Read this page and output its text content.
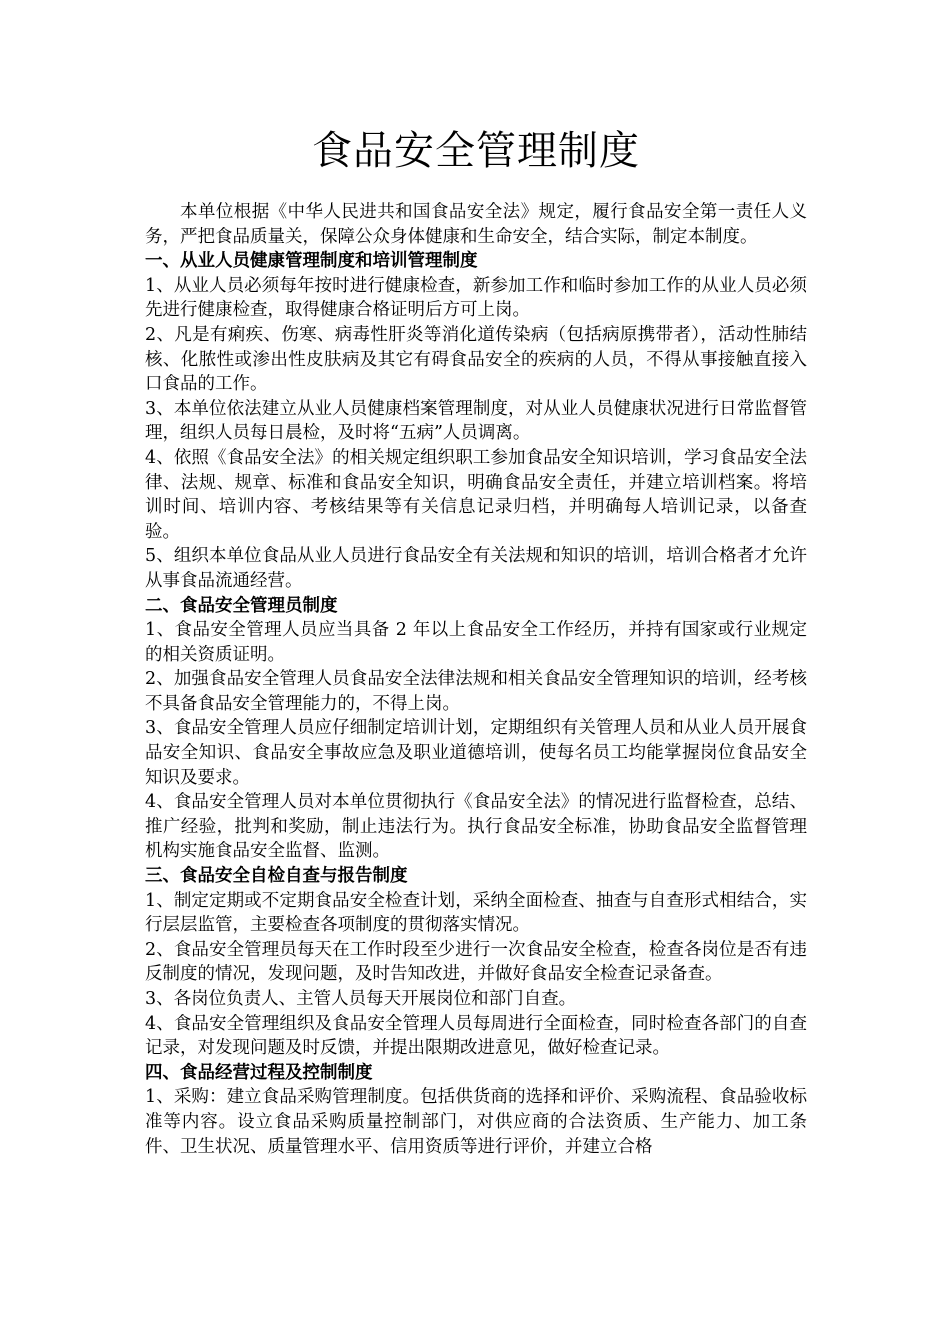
食品安全管理制度

本单位根据《中华人民进共和国食品安全法》规定，履行食品安全第一责任人义务，严把食品质量关，保障公众身体健康和生命安全，结合实际，制定本制度。

一、从业人员健康管理制度和培训管理制度

1、从业人员必须每年按时进行健康检查，新参加工作和临时参加工作的从业人员必须先进行健康检查，取得健康合格证明后方可上岗。

2、凡是有痢疾、伤寒、病毒性肝炎等消化道传染病（包括病原携带者），活动性肺结核、化脓性或渗出性皮肤病及其它有碍食品安全的疾病的人员，不得从事接触直接入口食品的工作。

3、本单位依法建立从业人员健康档案管理制度，对从业人员健康状况进行日常监督管理，组织人员每日晨检，及时将“五病”人员调离。

4、依照《食品安全法》的相关规定组织职工参加食品安全知识培训，学习食品安全法律、法规、规章、标准和食品安全知识，明确食品安全责任，并建立培训档案。将培训时间、培训内容、考核结果等有关信息记录归档，并明确每人培训记录，以备查验。

5、组织本单位食品从业人员进行食品安全有关法规和知识的培训，培训合格者才允许从事食品流通经营。

二、食品安全管理员制度

1、食品安全管理人员应当具备 2 年以上食品安全工作经历，并持有国家或行业规定的相关资质证明。

2、加强食品安全管理人员食品安全法律法规和相关食品安全管理知识的培训，经考核不具备食品安全管理能力的，不得上岗。

3、食品安全管理人员应仔细制定培训计划，定期组织有关管理人员和从业人员开展食品安全知识、食品安全事故应急及职业道德培训，使每名员工均能掌握岗位食品安全知识及要求。

4、食品安全管理人员对本单位贯彻执行《食品安全法》的情况进行监督检查，总结、推广经验，批判和奖励，制止违法行为。执行食品安全标准，协助食品安全监督管理机构实施食品安全监督、监测。

三、食品安全自检自查与报告制度

1、制定定期或不定期食品安全检查计划，采纳全面检查、抽查与自查形式相结合，实行层层监管，主要检查各项制度的贯彻落实情况。

2、食品安全管理员每天在工作时段至少进行一次食品安全检查，检查各岗位是否有违反制度的情况，发现问题，及时告知改进，并做好食品安全检查记录备查。

3、各岗位负责人、主管人员每天开展岗位和部门自查。

4、食品安全管理组织及食品安全管理人员每周进行全面检查，同时检查各部门的自查记录，对发现问题及时反馈，并提出限期改进意见，做好检查记录。

四、食品经营过程及控制制度

1、采购：建立食品采购管理制度。包括供货商的选择和评价、采购流程、食品验收标准等内容。设立食品采购质量控制部门，对供应商的合法资质、生产能力、加工条件、卫生状况、质量管理水平、信用资质等进行评价，并建立合格
